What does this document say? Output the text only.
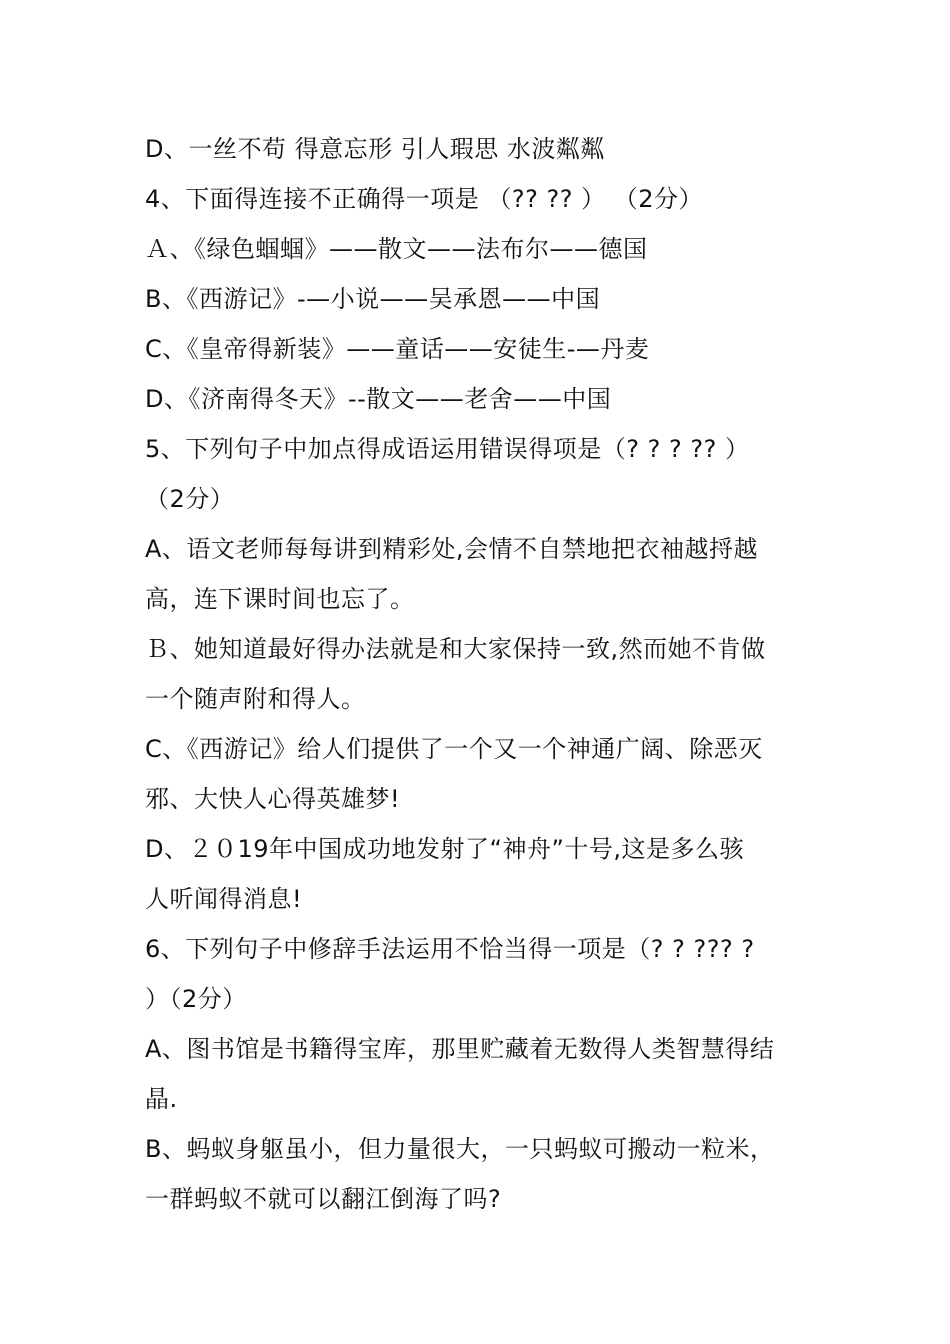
D、一丝不苟 得意忘形 引人瑕思 水波粼粼
4、下面得连接不正确得一项是 （?? ?? ） （2分）
Ａ、《绿色蝈蝈》——散文——法布尔——德国
B、《西游记》-—小说——吴承恩——中国
C、《皇帝得新装》——童话——安徒生-—丹麦
D、《济南得冬天》--散文——老舍——中国
5、下列句子中加点得成语运用错误得项是（? ? ? ?? ）
（2分）
A、语文老师每每讲到精彩处,会情不自禁地把衣袖越捋越
高，连下课时间也忘了。
Ｂ、她知道最好得办法就是和大家保持一致,然而她不肯做
一个随声附和得人。
C、《西游记》给人们提供了一个又一个神通广阔、除恶灭
邪、大快人心得英雄梦!
D、２０19年中国成功地发射了“神舟”十号,这是多么骇
人听闻得消息!
6、下列句子中修辞手法运用不恰当得一项是（? ? ??? ?
）（2分）
A、图书馆是书籍得宝库，那里贮藏着无数得人类智慧得结
晶.
B、蚂蚁身躯虽小，但力量很大，一只蚂蚁可搬动一粒米，
一群蚂蚁不就可以翻江倒海了吗?
